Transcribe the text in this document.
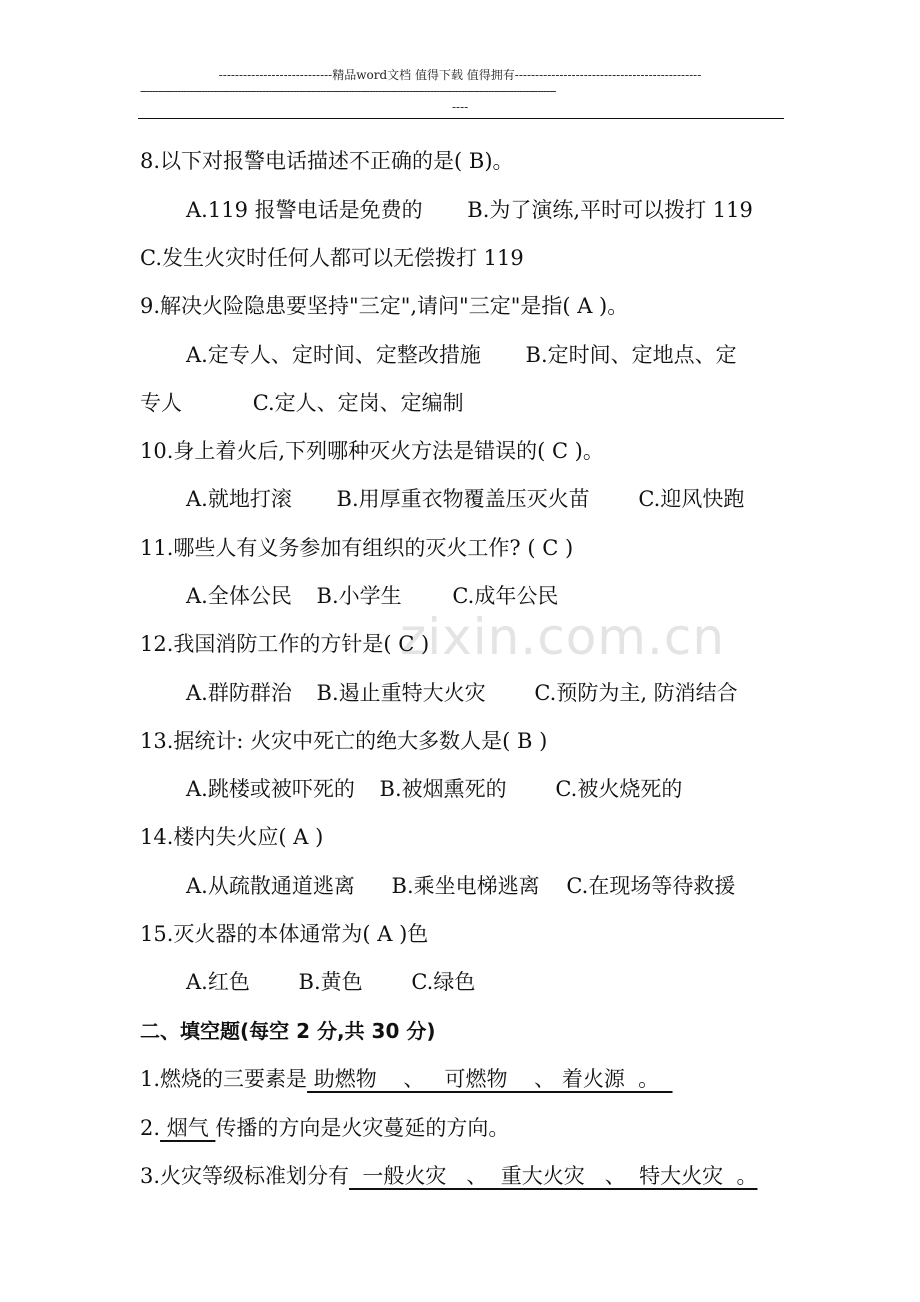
----------------------------精品word文档 值得下载 值得拥有----------------------------------------------
----------------------------------------------------------------------------------------------------------------------------------------
----
zixin.com.cn
8.以下对报警电话描述不正确的是( B)。
A.119 报警电话是免费的 B.为了演练,平时可以拨打 119
C.发生火灾时任何人都可以无偿拨打 119
9.解决火险隐患要坚持"三定",请问"三定"是指( A )。
A.定专人、定时间、定整改措施 B.定时间、定地点、定
专人	C.定人、定岗、定编制
10.身上着火后,下列哪种灭火方法是错误的( C )。
A.就地打滚 B.用厚重衣物覆盖压灭火苗 C.迎风快跑
11.哪些人有义务参加有组织的灭火工作? ( C )
A.全体公民 B.小学生 C.成年公民
12.我国消防工作的方针是( C )
A.群防群治 B.遏止重特大火灾 C.预防为主, 防消结合
13.据统计: 火灾中死亡的绝大多数人是( B )
A.跳楼或被吓死的 B.被烟熏死的 C.被火烧死的
14.楼内失火应( A )
A.从疏散通道逃离 B.乘坐电梯逃离 C.在现场等待救援
15.灭火器的本体通常为( A )色
A.红色 B.黄色 C.绿色
二、填空题(每空 2 分,共 30 分)
1.燃烧的三要素是 助燃物    、   可燃物    、 着火源  。
2. 烟气 传播的方向是火灾蔓延的方向。
3.火灾等级标准划分有  一般火灾   、  重大火灾   、  特大火灾  。
